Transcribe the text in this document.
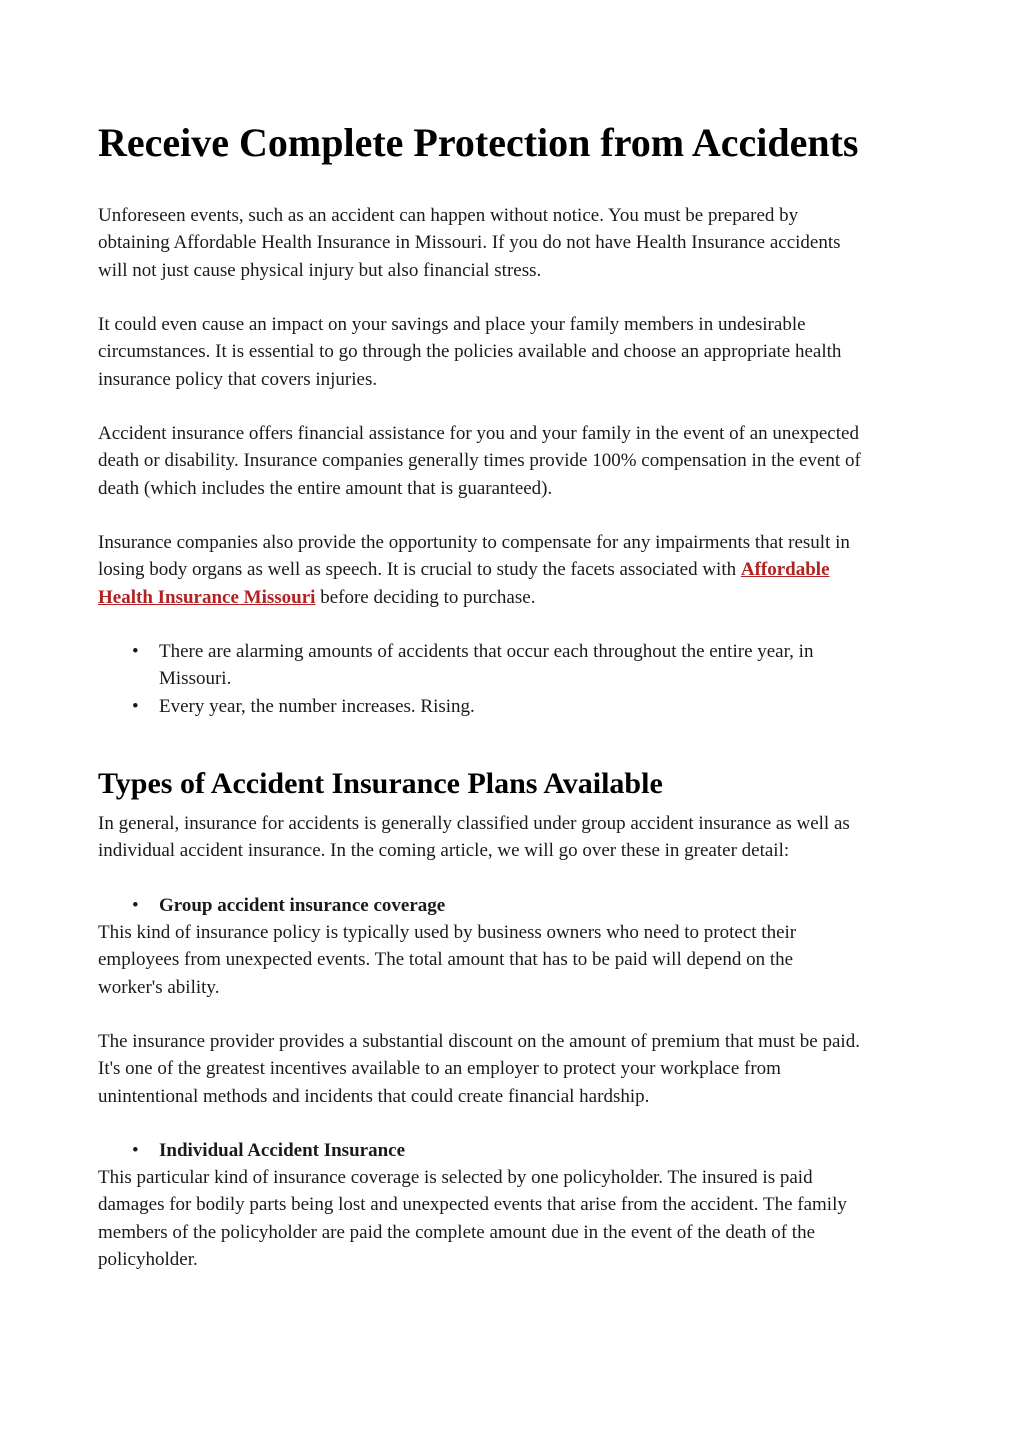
Receive Complete Protection from Accidents

Unforeseen events, such as an accident can happen without notice. You must be prepared by
obtaining Affordable Health Insurance in Missouri. If you do not have Health Insurance accidents
will not just cause physical injury but also financial stress.

It could even cause an impact on your savings and place your family members in undesirable
circumstances. It is essential to go through the policies available and choose an appropriate health
insurance policy that covers injuries.

Accident insurance offers financial assistance for you and your family in the event of an unexpected
death or disability. Insurance companies generally times provide 100% compensation in the event of
death (which includes the entire amount that is guaranteed).

Insurance companies also provide the opportunity to compensate for any impairments that result in
losing body organs as well as speech. It is crucial to study the facets associated with Affordable
Health Insurance Missouri before deciding to purchase.

• There are alarming amounts of accidents that occur each throughout the entire year, in
Missouri.
• Every year, the number increases. Rising.
Types of Accident Insurance Plans Available

In general, insurance for accidents is generally classified under group accident insurance as well as
individual accident insurance. In the coming article, we will go over these in greater detail:

• Group accident insurance coverage

This kind of insurance policy is typically used by business owners who need to protect their
employees from unexpected events. The total amount that has to be paid will depend on the
worker's ability.

The insurance provider provides a substantial discount on the amount of premium that must be paid.
It's one of the greatest incentives available to an employer to protect your workplace from
unintentional methods and incidents that could create financial hardship.

• Individual Accident Insurance

This particular kind of insurance coverage is selected by one policyholder. The insured is paid
damages for bodily parts being lost and unexpected events that arise from the accident. The family
members of the policyholder are paid the complete amount due in the event of the death of the
policyholder.
